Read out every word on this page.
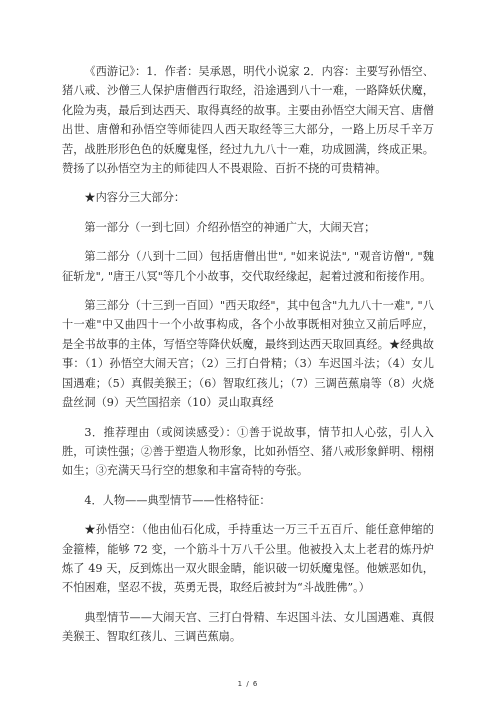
《西游记》：1．作者：吴承恩，明代小说家 2．内容：主要写孙悟空、猪八戒、沙僧三人保护唐僧西行取经，沿途遇到八十一难，一路降妖伏魔，化险为夷，最后到达西天、取得真经的故事。主要由孙悟空大闹天宫、唐僧出世、唐僧和孙悟空等师徒四人西天取经等三大部分，一路上历尽千辛万苦，战胜形形色色的妖魔鬼怪，经过九九八十一难，功成圆满，终成正果。赞扬了以孙悟空为主的师徒四人不畏艰险、百折不挠的可贵精神。

★内容分三大部分：

第一部分（一到七回）介绍孙悟空的神通广大，大闹天宫；

第二部分（八到十二回）包括唐僧出世", "如来说法", "观音访僧", "魏征斩龙", "唐王八冥"等几个小故事，交代取经缘起，起着过渡和衔接作用。

第三部分（十三到一百回）"西天取经"，其中包含"九九八十一难", "八十一难"中又曲四十一个小故事构成，各个小故事既相对独立又前后呼应，是全书故事的主体，写悟空等降伏妖魔，最终到达西天取回真经。★经典故事：（1）孙悟空大闹天宫；（2）三打白骨精；（3）车迟国斗法；（4）女儿国遇难；（5）真假美猴王；（6）智取红孩儿；（7）三调芭蕉扇等（8）火烧盘丝洞（9）天竺国招亲（10）灵山取真经

3．推荐理由（或阅读感受）：①善于说故事，情节扣人心弦，引人入胜，可读性强；②善于塑造人物形象，比如孙悟空、猪八戒形象鲜明、栩栩如生；③充满天马行空的想象和丰富奇特的夸张。

4．人物——典型情节——性格特征：

★孙悟空：（他由仙石化成，手持重达一万三千五百斤、能任意伸缩的金箍棒，能够 72 变，一个筋斗十万八千公里。他被投入太上老君的炼丹炉炼了 49 天，反到炼出一双火眼金睛，能识破一切妖魔鬼怪。他嫉恶如仇，不怕困难，坚忍不拔，英勇无畏，取经后被封为“斗战胜佛”。）

典型情节——大闹天宫、三打白骨精、车迟国斗法、女儿国遇难、真假美猴王、智取红孩儿、三调芭蕉扇。

1 / 6
